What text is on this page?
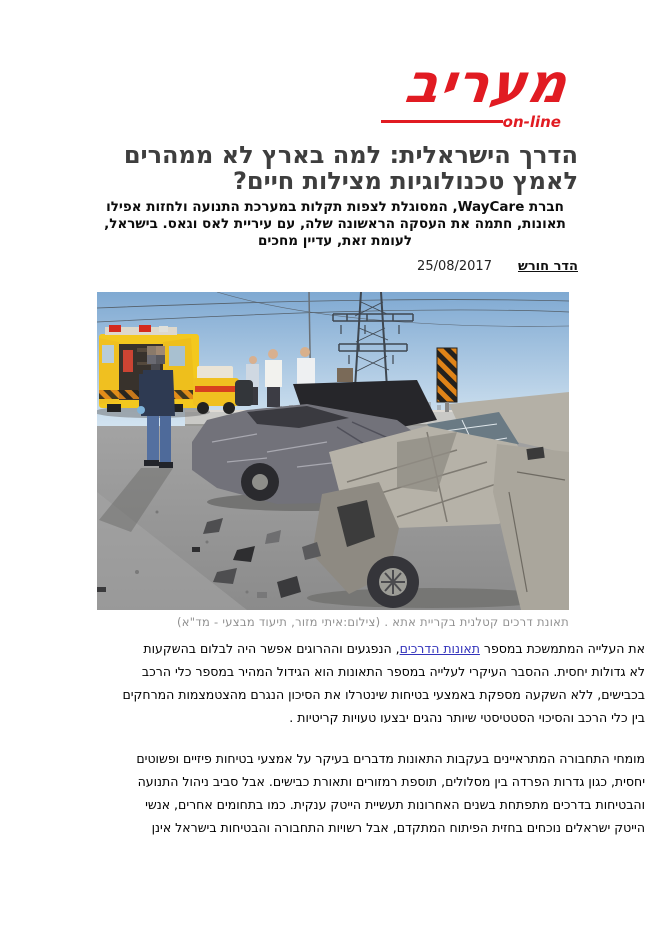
מעריב
on-line
הדרך הישראלית: למה בארץ לא ממהרים
לאמץ טכנולוגיות מצילות חיים?
חברת WayCare, המסוגלת לצפות תקלות במערכת התנועה ולחזות אפילו
תאונות, חתמה את העסקה הראשונה שלה, עם עיריית לאס וגאס. בישראל,
לעומת זאת, עדיין מחכים
הדר חורש
25/08/2017
תאונת דרכים קטלנית בקריית אתא . (צילום:איתי מזור, תיעוד מבצעי - מד"א)
את העלייה המתמשכת במספר תאונות הדרכים, הנפגעים וההרוגים אפשר היה לבלום בהשקעות
לא גדולות יחסית. ההסבר העיקרי לעלייה במספר התאונות הוא הגידול המהיר במספר כלי הרכב
בכבישים, ללא השקעה מספקת באמצעי בטיחות שינטרלו את הסיכון הנגרם מהצטמצמות המרחקים
בין כלי הרכב והסיכוי הסטטיסטי שיותר נהגים יבצעו טעויות קריטיות .
מומחי התחבורה המתראיינים בעקבות התאונות מדברים בעיקר על אמצעי בטיחות פיזיים ופשוטים
יחסית, כגון גדרות הפרדה בין מסלולים, תוספת רמזורים ותאורת כבישים. אבל סביב ניהול התנועה
והבטיחות בדרכים מתפתחת בשנים האחרונות תעשיית הייטק ענקית. כמו בתחומים אחרים, אנשי
הייטק ישראלים נוכחים בחזית הפיתוח המתקדם, אבל רשויות התחבורה והבטיחות בישראל אינן
